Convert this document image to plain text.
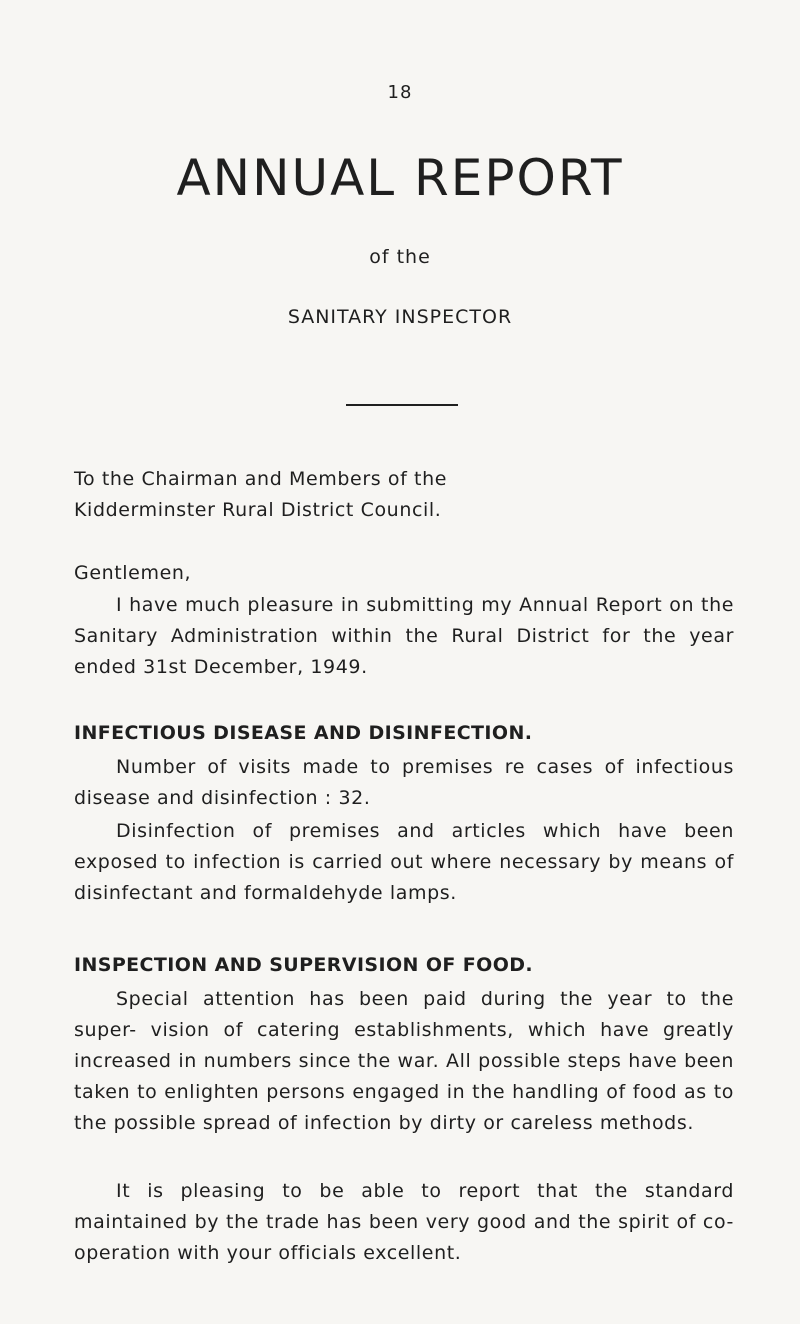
18
ANNUAL REPORT
of the
SANITARY INSPECTOR

To the Chairman and Members of the

Kidderminster Rural District Council.

Gentlemen,

I have much pleasure in submitting my Annual Report on the Sanitary Administration within the Rural District for the year ended 31st December, 1949.

INFECTIOUS DISEASE AND DISINFECTION.

Number of visits made to premises re cases of infectious disease and disinfection : 32.

Disinfection of premises and articles which have been exposed to infection is carried out where necessary by means of disinfectant and formaldehyde lamps.

INSPECTION AND SUPERVISION OF FOOD.

Special attention has been paid during the year to the super- vision of catering establishments, which have greatly increased in numbers since the war. All possible steps have been taken to enlighten persons engaged in the handling of food as to the possible spread of infection by dirty or careless methods.

It is pleasing to be able to report that the standard maintained by the trade has been very good and the spirit of co-operation with your officials excellent.
